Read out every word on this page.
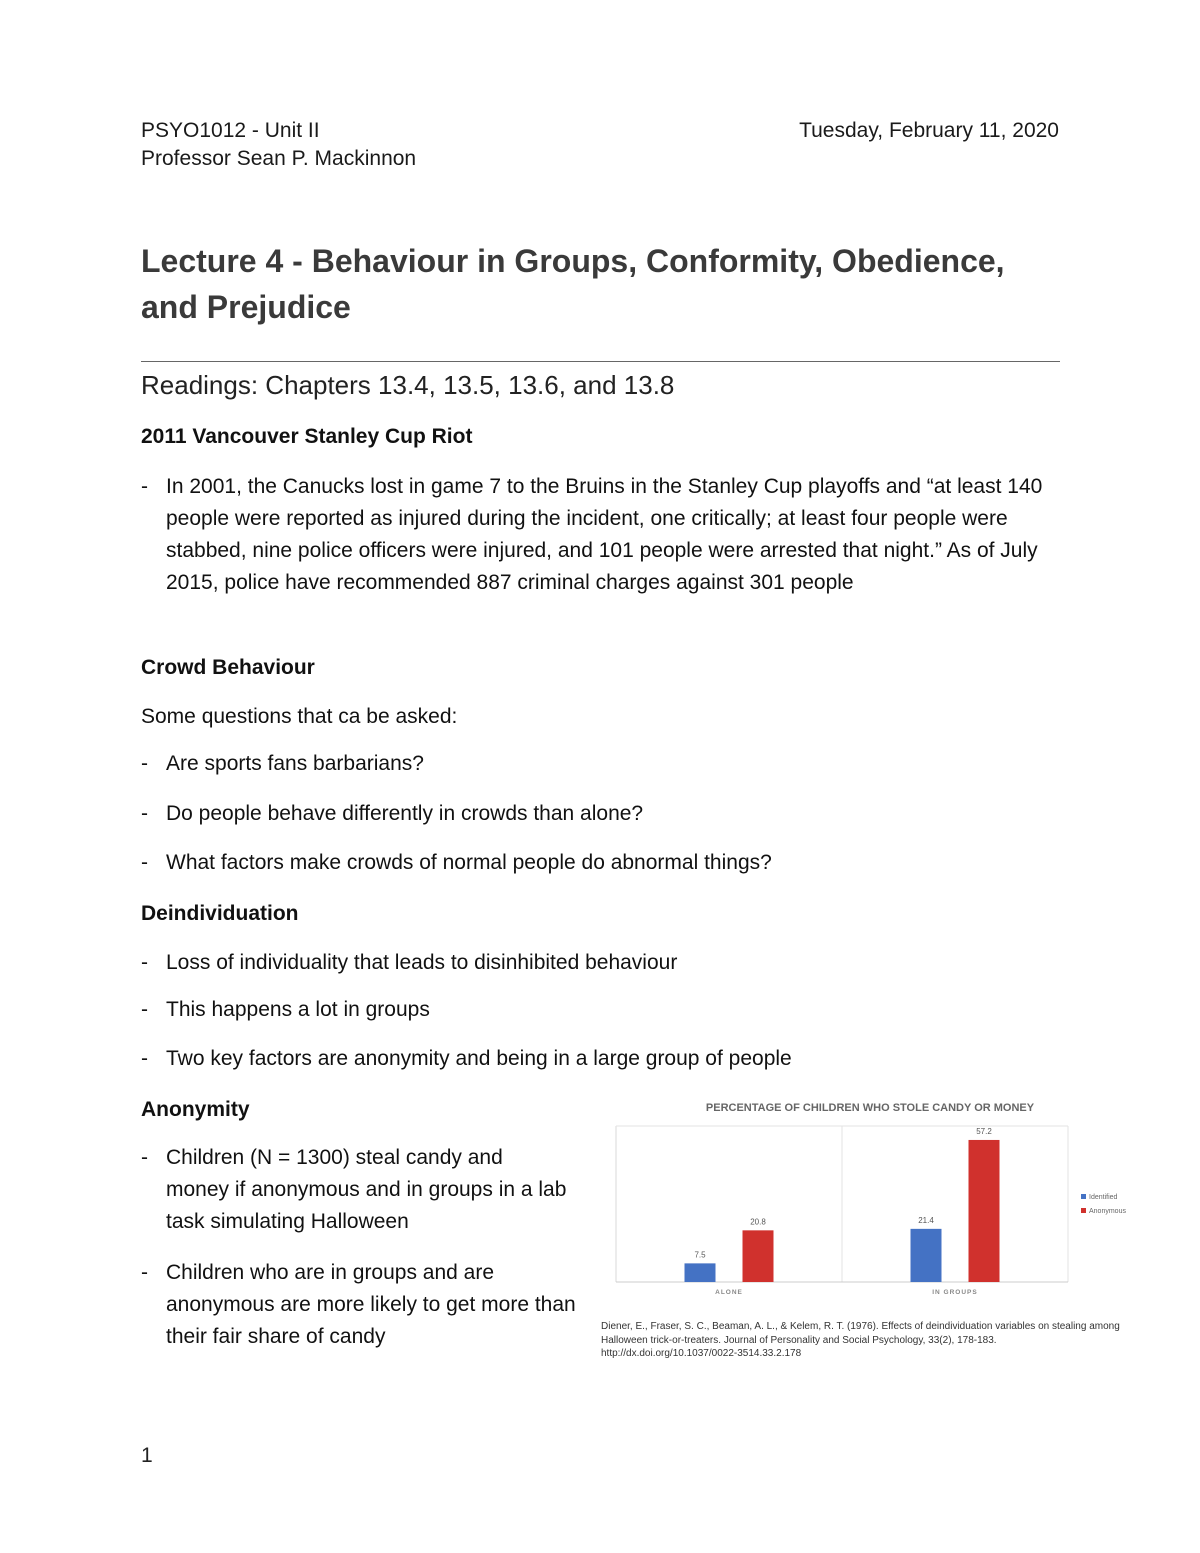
PSYO1012 - Unit II
Professor Sean P. Mackinnon
Tuesday, February 11, 2020
Lecture 4 - Behaviour in Groups, Conformity, Obedience, and Prejudice
Readings: Chapters 13.4, 13.5, 13.6, and 13.8
2011 Vancouver Stanley Cup Riot
- In 2001, the Canucks lost in game 7 to the Bruins in the Stanley Cup playoffs and “at least 140 people were reported as injured during the incident, one critically; at least four people were stabbed, nine police officers were injured, and 101 people were arrested that night.” As of July 2015, police have recommended 887 criminal charges against 301 people
Crowd Behaviour
Some questions that ca be asked:
- Are sports fans barbarians?
- Do people behave differently in crowds than alone?
- What factors make crowds of normal people do abnormal things?
Deindividuation
- Loss of individuality that leads to disinhibited behaviour
- This happens a lot in groups
- Two key factors are anonymity and being in a large group of people
Anonymity
- Children (N = 1300) steal candy and money if anonymous and in groups in a lab task simulating Halloween
- Children who are in groups and are anonymous are more likely to get more than their fair share of candy
PERCENTAGE OF CHILDREN WHO STOLE CANDY OR MONEY
7.5
20.8
ALONE
21.4
57.2
IN GROUPS
Identified
Anonymous
Diener, E., Fraser, S. C., Beaman, A. L., & Kelem, R. T. (1976). Effects of deindividuation variables on stealing among
Halloween trick-or-treaters. Journal of Personality and Social Psychology, 33(2), 178-183.
http://dx.doi.org/10.1037/0022-3514.33.2.178
1
